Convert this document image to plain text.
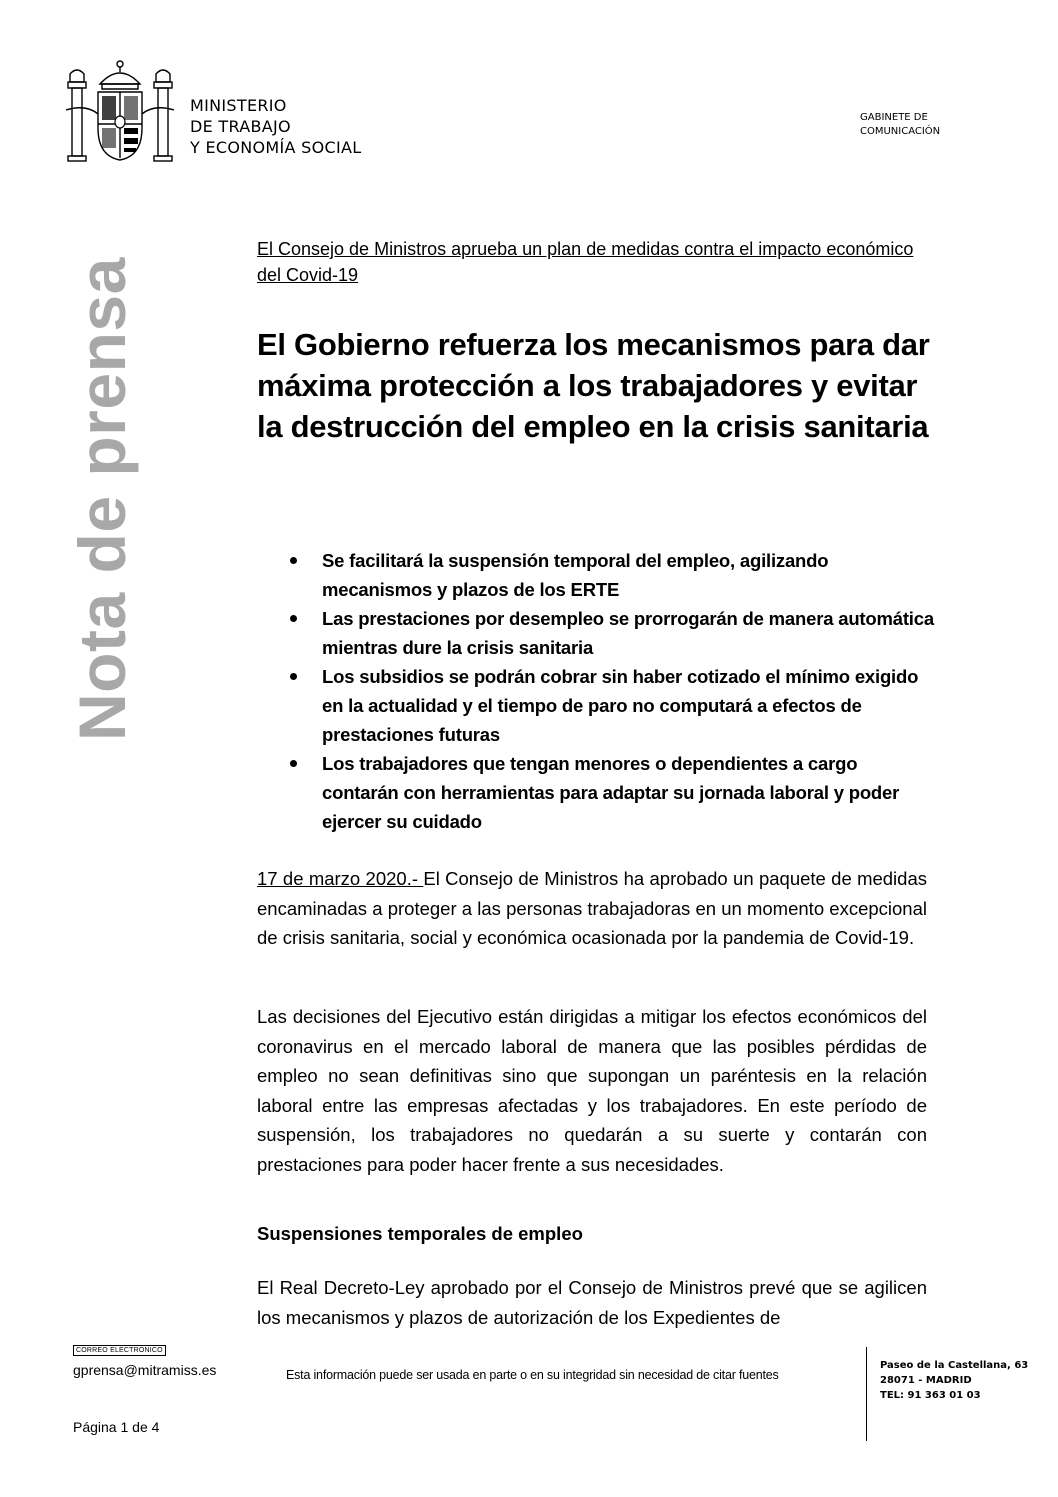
MINISTERIO
DE TRABAJO
Y ECONOMÍA SOCIAL
GABINETE DE
COMUNICACIÓN
Nota de prensa
El Consejo de Ministros aprueba un plan de medidas contra el impacto económico del Covid-19
El Gobierno refuerza los mecanismos para dar máxima protección a los trabajadores y evitar la destrucción del empleo en la crisis sanitaria
Se facilitará la suspensión temporal del empleo, agilizando mecanismos y plazos de los ERTE
Las prestaciones por desempleo se prorrogarán de manera automática mientras dure la crisis sanitaria
Los subsidios se podrán cobrar sin haber cotizado el mínimo exigido en la actualidad y el tiempo de paro no computará a efectos de prestaciones futuras
Los trabajadores que tengan menores o dependientes a cargo contarán con herramientas para adaptar su jornada laboral y poder ejercer su cuidado

17 de marzo 2020.- El Consejo de Ministros ha aprobado un paquete de medidas encaminadas a proteger a las personas trabajadoras en un momento excepcional de crisis sanitaria, social y económica ocasionada por la pandemia de Covid-19.

Las decisiones del Ejecutivo están dirigidas a mitigar los efectos económicos del coronavirus en el mercado laboral de manera que las posibles pérdidas de empleo no sean definitivas sino que supongan un paréntesis en la relación laboral entre las empresas afectadas y los trabajadores. En este período de suspensión, los trabajadores no quedarán a su suerte y contarán con prestaciones para poder hacer frente a sus necesidades.

Suspensiones temporales de empleo

El Real Decreto-Ley aprobado por el Consejo de Ministros prevé que se agilicen los mecanismos y plazos de autorización de los Expedientes de

CORREO ELECTRÓNICO
gprensa@mitramiss.es	Esta información puede ser usada en parte o en su integridad sin necesidad de citar fuentes
Paseo de la Castellana, 63
28071 - MADRID
TEL: 91 363 01 03
Página 1 de 4
